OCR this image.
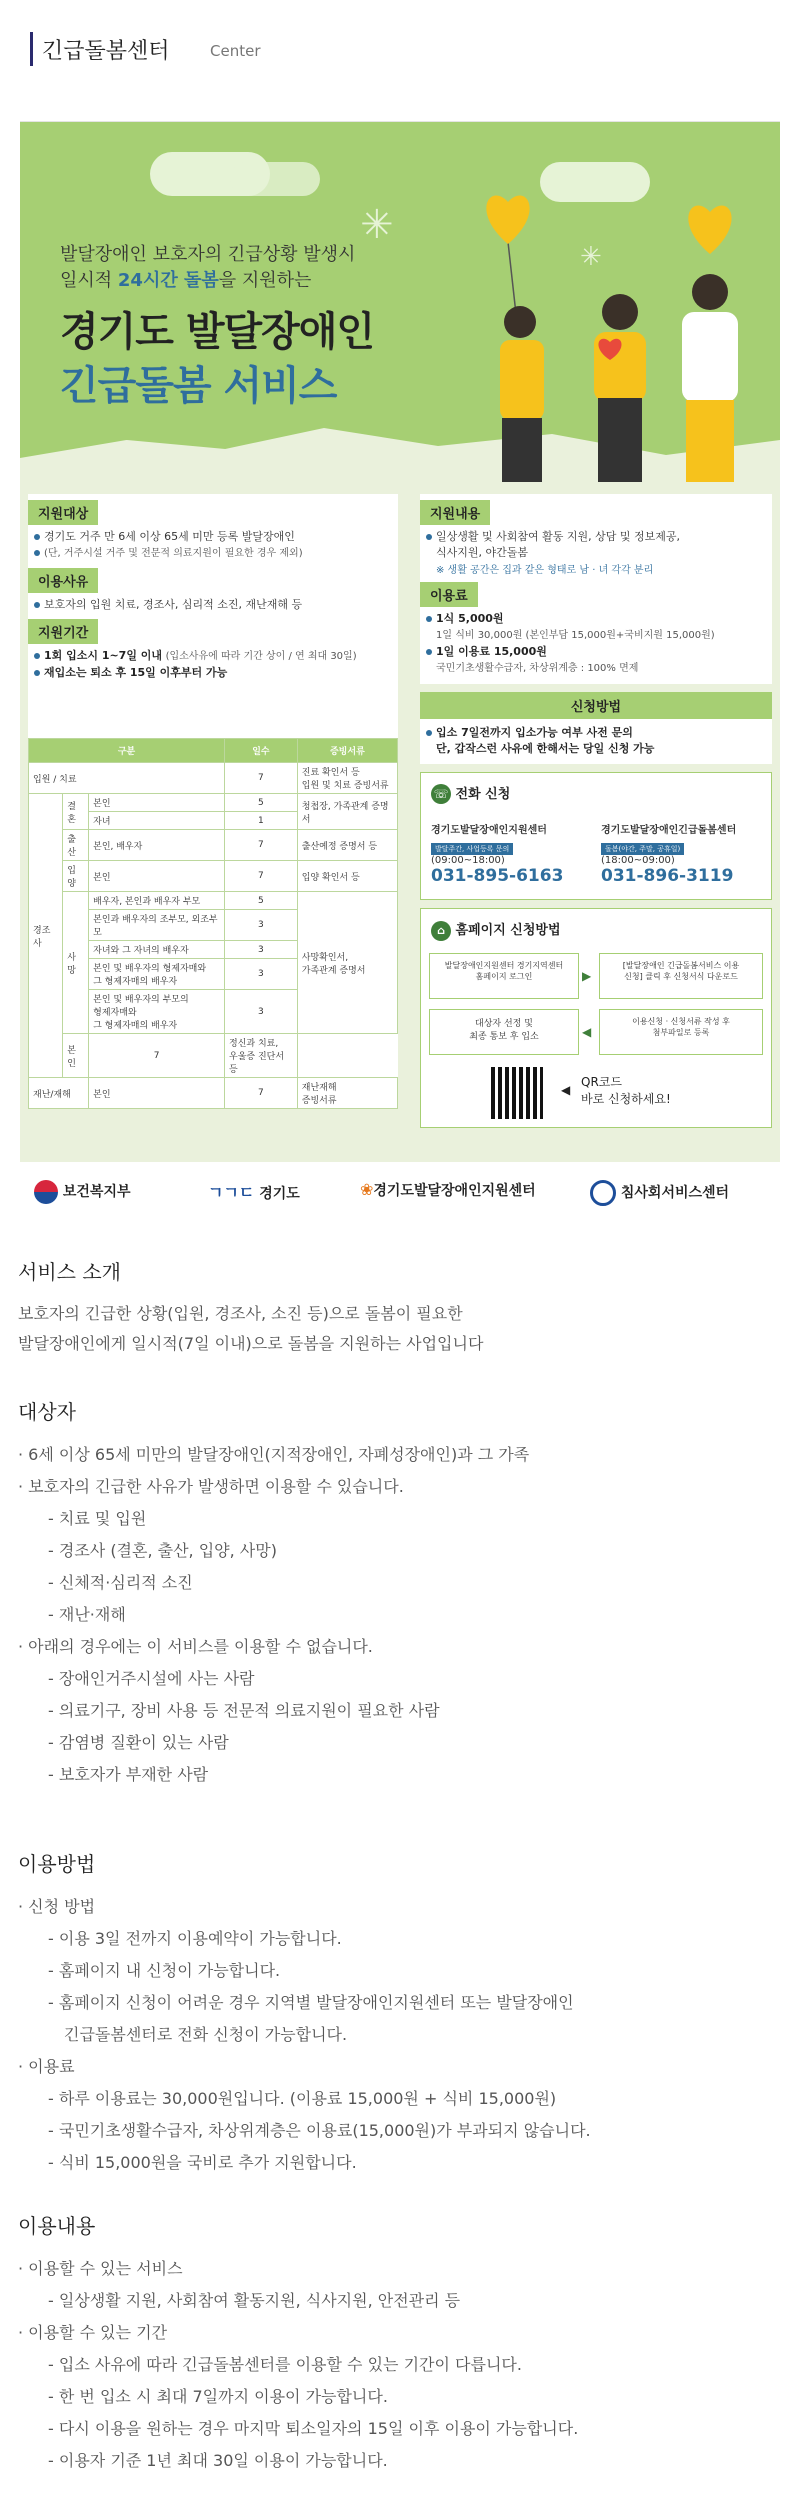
긴급돌봄센터	Center
✳
✳
발달장애인 보호자의 긴급상황 발생시
일시적 24시간 돌봄을 지원하는
경기도 발달장애인
긴급돌봄 서비스
지원대상
경기도 거주 만 6세 이상 65세 미만 등록 발달장애인
(단, 거주시설 거주 및 전문적 의료지원이 필요한 경우 제외)
이용사유
보호자의 입원 치료, 경조사, 심리적 소진, 재난재해 등
지원기간
1회 입소시 1~7일 이내 (입소사유에 따라 기간 상이 / 연 최대 30일)
재입소는 퇴소 후 15일 이후부터 가능
구분			일수	증빙서류
입원 / 치료			7	진료 확인서 등
입원 및 치료 증빙서류
경조사	결혼	본인	5	청첩장, 가족관계 증명서
		자녀	1	
	출산	본인, 배우자	7	출산예정 증명서 등
	입양	본인	7	입양 확인서 등
	사망	배우자, 본인과 배우자 부모	5	사망확인서,
가족관계 증명서
		본인과 배우자의 조부모, 외조부모	3	
		자녀와 그 자녀의 배우자	3	
		본인 및 배우자의 형제자매와
그 형제자매의 배우자	3	
		본인 및 배우자의 부모의
형제자매와
그 형제자매의 배우자	3	
	본인	7	정신과 치료,
우울증 진단서 등	
재난/재해		본인	7	재난재해
증빙서류
지원내용
일상생활 및 사회참여 활동 지원, 상담 및 정보제공,
식사지원, 야간돌봄
※ 생활 공간은 집과 같은 형태로 남 · 녀 각각 분리
이용료
1식 5,000원
1일 식비 30,000원 (본인부담 15,000원+국비지원 15,000원)
1일 이용료 15,000원
국민기초생활수급자, 차상위계층 : 100% 면제
신청방법
입소 7일전까지 입소가능 여부 사전 문의
단, 갑작스런 사유에 한해서는 당일 신청 가능
☏ 전화 신청
경기도발달장애인지원센터
발달주간, 사업등록 문의
(09:00~18:00)
031-895-6163
경기도발달장애인긴급돌봄센터
돌봄(야간, 주말, 공휴일)
(18:00~09:00)
031-896-3119
⌂ 홈페이지 신청방법
발달장애인지원센터 경기지역센터
홈페이지 로그인	▶
[발달장애인 긴급돌봄서비스 이용
신청] 클릭 후 신청서식 다운로드
대상자 선정 및
최종 통보 후 입소	◀
이용신청 · 신청서류 작성 후
첨부파일로 등록
◀
QR코드
바로 신청하세요!
보건복지부	ㄱㄱㄷ 경기도	❀경기도발달장애인지원센터	침사회서비스센터
서비스 소개

보호자의 긴급한 상황(입원, 경조사, 소진 등)으로 돌봄이 필요한

발달장애인에게 일시적(7일 이내)으로 돌봄을 지원하는 사업입니다

대상자
· 6세 이상 65세 미만의 발달장애인(지적장애인, 자폐성장애인)과 그 가족
· 보호자의 긴급한 사유가 발생하면 이용할 수 있습니다.
- 치료 및 입원
- 경조사 (결혼, 출산, 입양, 사망)
- 신체적·심리적 소진
- 재난·재해
· 아래의 경우에는 이 서비스를 이용할 수 없습니다.
- 장애인거주시설에 사는 사람
- 의료기구, 장비 사용 등 전문적 의료지원이 필요한 사람
- 감염병 질환이 있는 사람
- 보호자가 부재한 사람
이용방법
· 신청 방법
- 이용 3일 전까지 이용예약이 가능합니다.
- 홈페이지 내 신청이 가능합니다.
- 홈페이지 신청이 어려운 경우 지역별 발달장애인지원센터 또는 발달장애인
긴급돌봄센터로 전화 신청이 가능합니다.
· 이용료
- 하루 이용료는 30,000원입니다. (이용료 15,000원 + 식비 15,000원)
- 국민기초생활수급자, 차상위계층은 이용료(15,000원)가 부과되지 않습니다.
- 식비 15,000원을 국비로 추가 지원합니다.
이용내용
· 이용할 수 있는 서비스
- 일상생활 지원, 사회참여 활동지원, 식사지원, 안전관리 등
· 이용할 수 있는 기간
- 입소 사유에 따라 긴급돌봄센터를 이용할 수 있는 기간이 다릅니다.
- 한 번 입소 시 최대 7일까지 이용이 가능합니다.
- 다시 이용을 원하는 경우 마지막 퇴소일자의 15일 이후 이용이 가능합니다.
- 이용자 기준 1년 최대 30일 이용이 가능합니다.
